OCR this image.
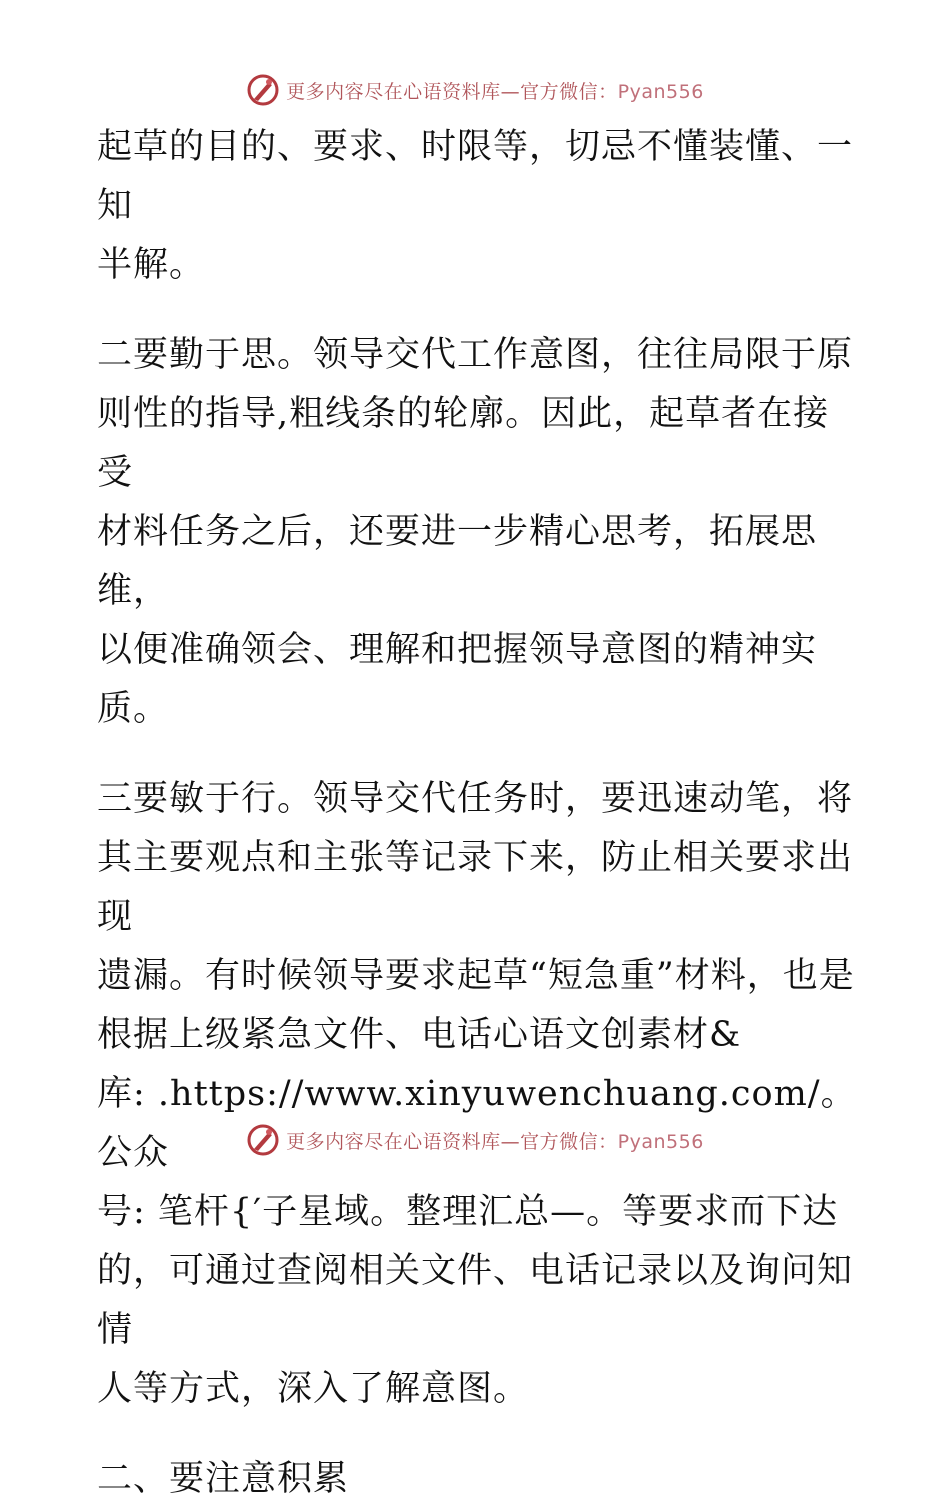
更多内容尽在心语资料库—官方微信：Pyan556

起草的目的、要求、时限等，切忌不懂装懂、一知
半解。

二要勤于思。领导交代工作意图，往往局限于原
则性的指导,粗线条的轮廓。因此，起草者在接受
材料任务之后，还要进一步精心思考，拓展思维，
以便准确领会、理解和把握领导意图的精神实质。

三要敏于行。领导交代任务时，要迅速动笔，将
其主要观点和主张等记录下来，防止相关要求出现
遗漏。有时候领导要求起草“短急重”材料，也是
根据上级紧急文件、电话心语文创素材&
库: .https://www.xinyuwenchuang.com/。公众
号: 笔杆{′子星域。整理汇总—。等要求而下达
的，可通过查阅相关文件、电话记录以及询问知情
人等方式，深入了解意图。

二、要注意积累

更多内容尽在心语资料库—官方微信：Pyan556
